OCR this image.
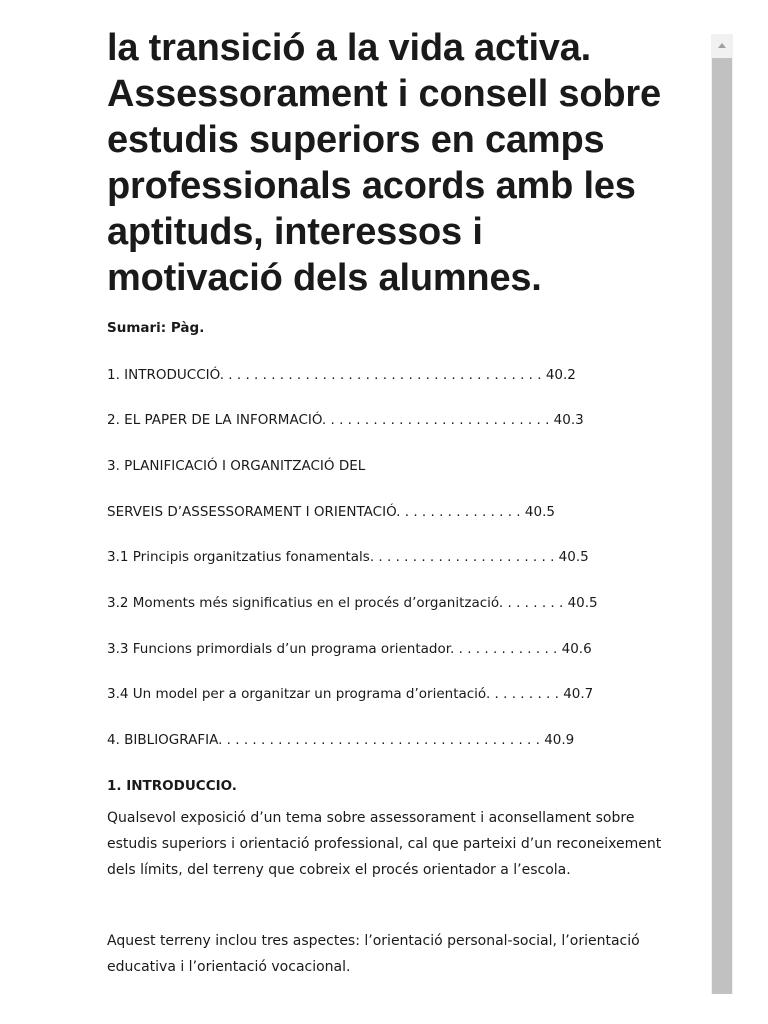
la transició a la vida activa.
Assessorament i consell sobre
estudis superiors en camps
professionals acords amb les
aptituds, interessos i
motivació dels alumnes.
Sumari: Pàg.
1. INTRODUCCIÓ. . . . . . . . . . . . . . . . . . . . . . . . . . . . . . . . . . . . . . 40.2
2. EL PAPER DE LA INFORMACIÓ. . . . . . . . . . . . . . . . . . . . . . . . . . . 40.3
3. PLANIFICACIÓ I ORGANITZACIÓ DEL
SERVEIS D’ASSESSORAMENT I ORIENTACIÓ. . . . . . . . . . . . . . . 40.5
3.1 Principis organitzatius fonamentals. . . . . . . . . . . . . . . . . . . . . . 40.5
3.2 Moments més significatius en el procés d’organització. . . . . . . . 40.5
3.3 Funcions primordials d’un programa orientador. . . . . . . . . . . . . 40.6
3.4 Un model per a organitzar un programa d’orientació. . . . . . . . . 40.7
4. BIBLIOGRAFIA. . . . . . . . . . . . . . . . . . . . . . . . . . . . . . . . . . . . . . 40.9
1. INTRODUCCIO.

Qualsevol exposició d’un tema sobre assessorament i aconsellament sobre estudis superiors i orientació professional, cal que parteixi d’un reconeixement dels límits, del terreny que cobreix el procés orientador a l’escola.

Aquest terreny inclou tres aspectes: l’orientació personal-social, l’orientació educativa i l’orientació vocacional.
